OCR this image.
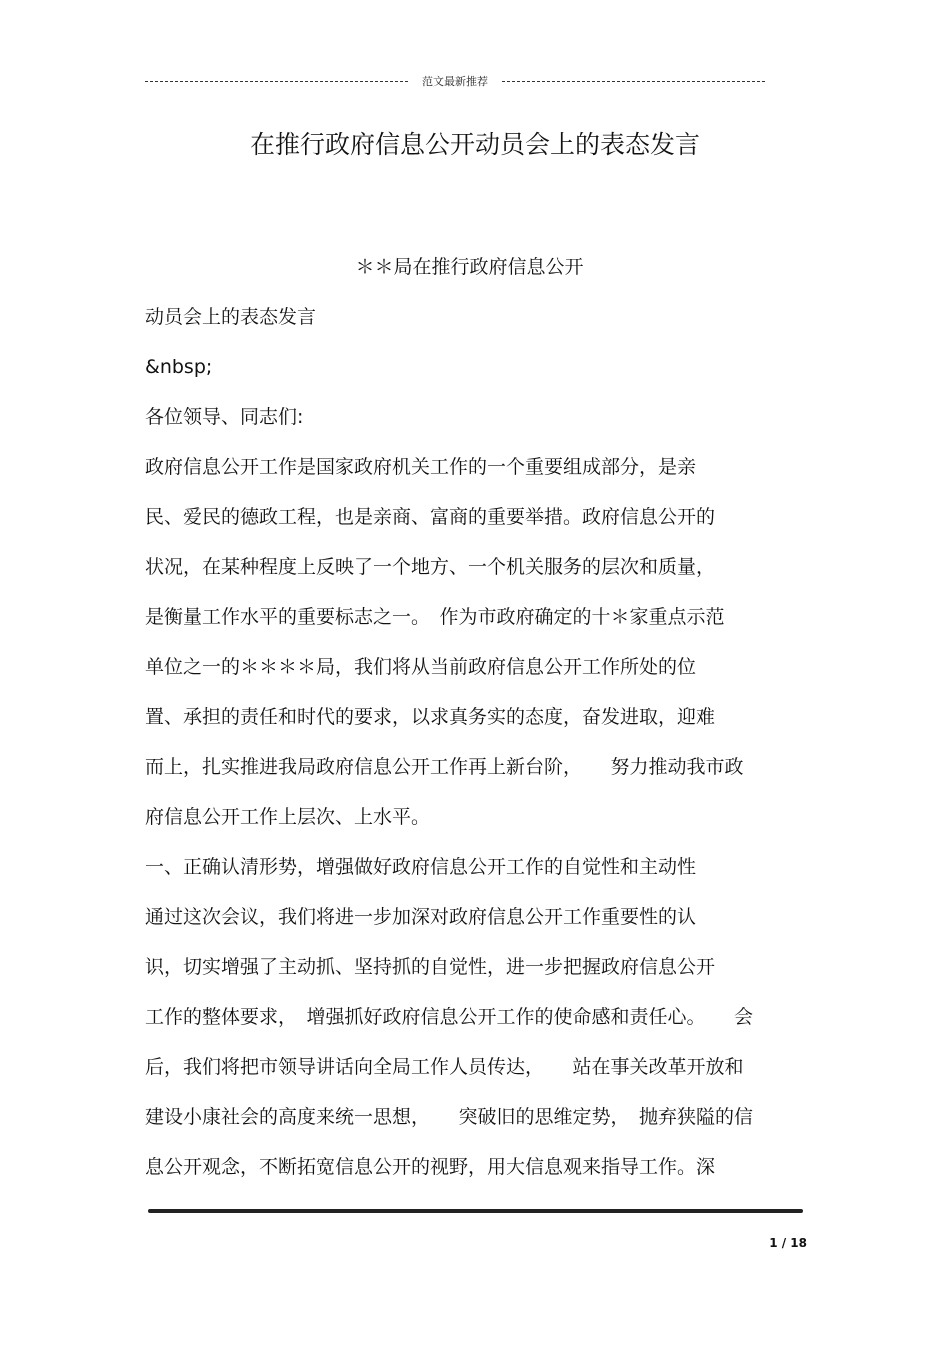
范文最新推荐
在推行政府信息公开动员会上的表态发言
＊＊局在推行政府信息公开
动员会上的表态发言
&nbsp;
各位领导、同志们:
政府信息公开工作是国家政府机关工作的一个重要组成部分，是亲
民、爱民的德政工程，也是亲商、富商的重要举措。政府信息公开的
状况，在某种程度上反映了一个地方、一个机关服务的层次和质量，
是衡量工作水平的重要标志之一。　作为市政府确定的十＊家重点示范
单位之一的＊＊＊＊局，我们将从当前政府信息公开工作所处的位
置、承担的责任和时代的要求，以求真务实的态度，奋发进取，迎难
而上，扎实推进我局政府信息公开工作再上新台阶，　　努力推动我市政
府信息公开工作上层次、上水平。
一、正确认清形势，增强做好政府信息公开工作的自觉性和主动性
通过这次会议，我们将进一步加深对政府信息公开工作重要性的认
识，切实增强了主动抓、坚持抓的自觉性，进一步把握政府信息公开
工作的整体要求，　增强抓好政府信息公开工作的使命感和责任心。　　会
后，我们将把市领导讲话向全局工作人员传达，　　站在事关改革开放和
建设小康社会的高度来统一思想，　　突破旧的思维定势，　抛弃狭隘的信
息公开观念，不断拓宽信息公开的视野，用大信息观来指导工作。深
1 / 18
